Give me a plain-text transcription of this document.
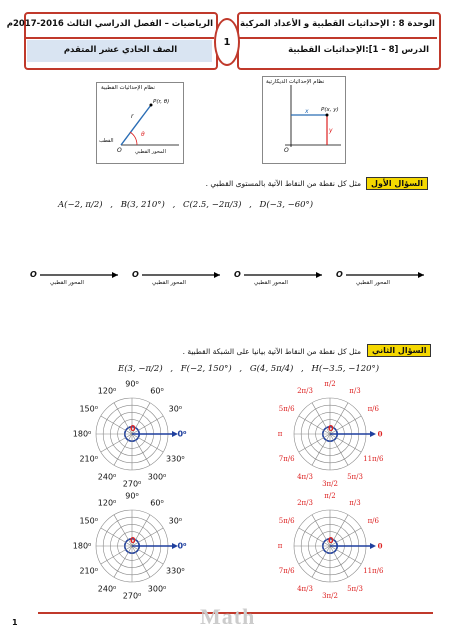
الوحدة 8 : الإحداثيات القطبية و الأعداد المركبة
الرياضيات – الفصل الدراسي الثالث 2016-2017م
الدرس [8 – 1]:الإحداثيات القطبية
الصف الحادي عشر المتقدم
1
نظام الإحداثيات القطبية
P(r, θ)
r
θ
القطب
O	المحور القطبي
نظام الإحداثيات الديكارتية
P(x, y)
x
y
O
السؤال الأول
مثل كل نقطة من النقاط الآتية بالمستوى القطبي .
A(−2, π/2) , B(3, 210°) , C(2.5, −2π/3) , D(−3, −60°)
O
المحور القطبي
O
المحور القطبي
O
المحور القطبي
O
المحور القطبي
السؤال الثاني
مثل كل نقطة من النقاط الآتية بيانيا على الشبكة القطبية .
E(3, −π/2) , F(−2, 150°) , G(4, 5π/4) , H(−3.5, −120°)
0
90⁰
60⁰
30⁰
0⁰
330⁰
300⁰
270⁰
240⁰
210⁰
180⁰
150⁰
120⁰
0
π/2
π/3
π/6
0
11π/6
5π/3
3π/2
4π/3
7π/6
π
5π/6
2π/3
0
90⁰
60⁰
30⁰
0⁰
330⁰
300⁰
270⁰
240⁰
210⁰
180⁰
150⁰
120⁰
0
π/2
π/3
π/6
0
11π/6
5π/3
3π/2
4π/3
7π/6
π
5π/6
2π/3
1	Math
